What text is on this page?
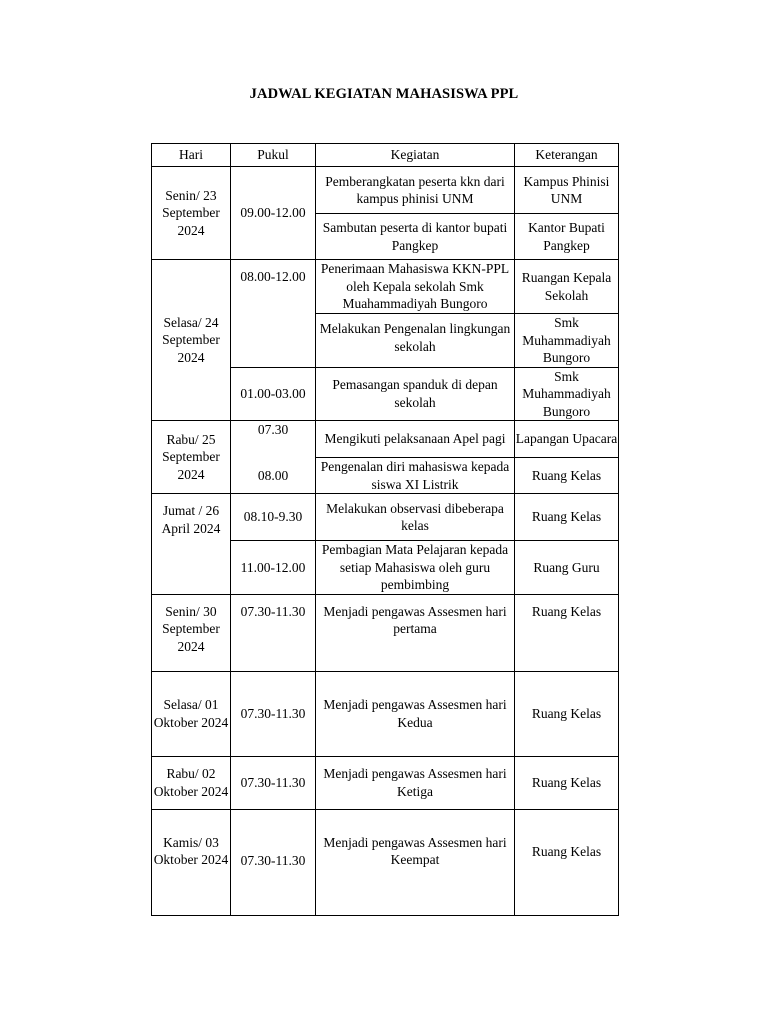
JADWAL KEGIATAN MAHASISWA PPL
Hari	Pukul	Kegiatan	Keterangan
Senin/ 23 September 2024	09.00-12.00	Pemberangkatan peserta kkn dari kampus phinisi UNM	Kampus Phinisi UNM
		Sambutan peserta di kantor bupati Pangkep	Kantor Bupati Pangkep
Selasa/ 24 September 2024	08.00-12.00	Penerimaan Mahasiswa KKN-PPL oleh Kepala sekolah Smk Muahammadiyah Bungoro	Ruangan Kepala Sekolah
		Melakukan Pengenalan lingkungan sekolah	Smk Muhammadiyah Bungoro
	01.00-03.00	Pemasangan spanduk di depan sekolah	Smk Muhammadiyah Bungoro
Rabu/ 25 September 2024	07.30	Mengikuti pelaksanaan Apel pagi	Lapangan Upacara
	08.00	Pengenalan diri mahasiswa kepada siswa XI Listrik	Ruang Kelas
Jumat / 26 April 2024	08.10-9.30	Melakukan observasi dibeberapa kelas	Ruang Kelas
	11.00-12.00	Pembagian Mata Pelajaran kepada setiap Mahasiswa oleh guru pembimbing	Ruang Guru
Senin/ 30 September 2024	07.30-11.30	Menjadi pengawas Assesmen hari pertama	Ruang Kelas
Selasa/ 01 Oktober 2024	07.30-11.30	Menjadi pengawas Assesmen hari Kedua	Ruang Kelas
Rabu/ 02 Oktober 2024	07.30-11.30	Menjadi pengawas Assesmen hari Ketiga	Ruang Kelas
Kamis/ 03 Oktober 2024	07.30-11.30	Menjadi pengawas Assesmen hari Keempat	Ruang Kelas
